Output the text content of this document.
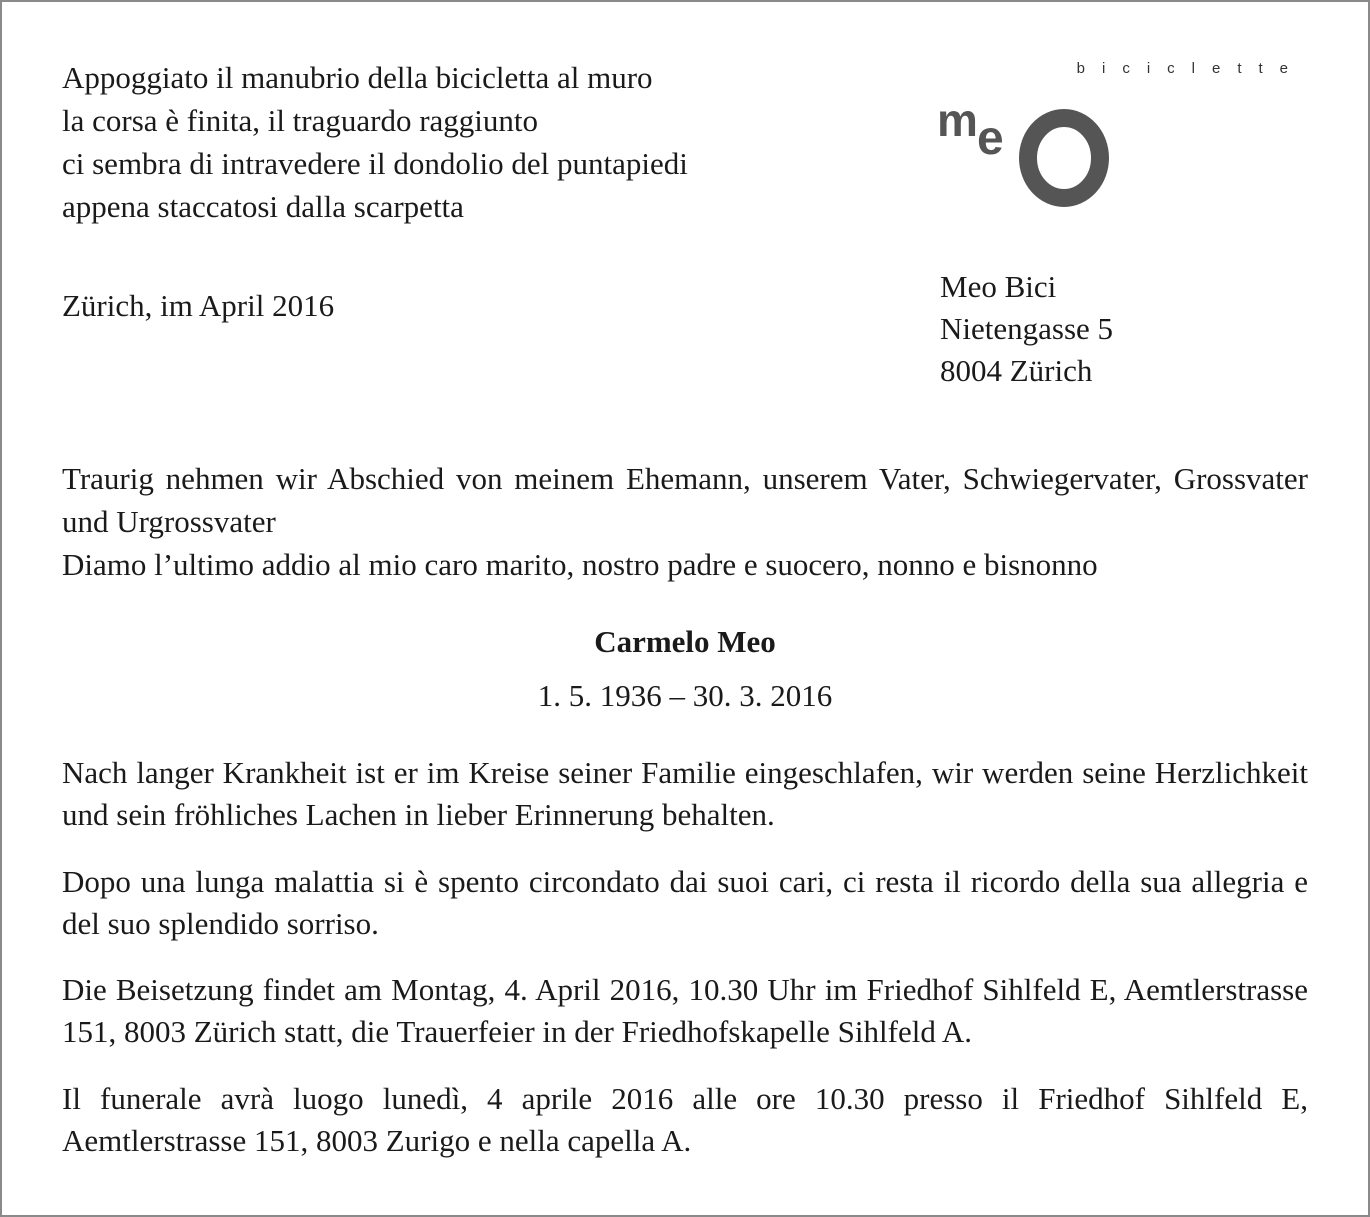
Appoggiato il manubrio della bicicletta al muro
la corsa è finita, il traguardo raggiunto
ci sembra di intravedere il dondolio del puntapiedi
appena staccatosi dalla scarpetta
Zürich, im April 2016
biciclette
m e
Meo Bici
Nietengasse 5
8004 Zürich
Traurig nehmen wir Abschied von meinem Ehemann, unserem Vater, Schwiegervater, Grossvater und Urgrossvater
Diamo l’ultimo addio al mio caro marito, nostro padre e suocero, nonno e bisnonno
Carmelo Meo
1. 5. 1936 – 30. 3. 2016
Nach langer Krankheit ist er im Kreise seiner Familie eingeschlafen, wir werden seine Herzlichkeit und sein fröhliches Lachen in lieber Erinnerung behalten.
Dopo una lunga malattia si è spento circondato dai suoi cari, ci resta il ricordo della sua allegria e del suo splendido sorriso.
Die Beisetzung findet am Montag, 4. April 2016, 10.30 Uhr im Friedhof Sihlfeld E, Aemtlerstrasse 151, 8003 Zürich statt, die Trauerfeier in der Friedhofskapelle Sihlfeld A.
Il funerale avrà luogo lunedì, 4 aprile 2016 alle ore 10.30 presso il Friedhof Sihlfeld E, Aemtlerstrasse 151, 8003 Zurigo e nella capella A.
